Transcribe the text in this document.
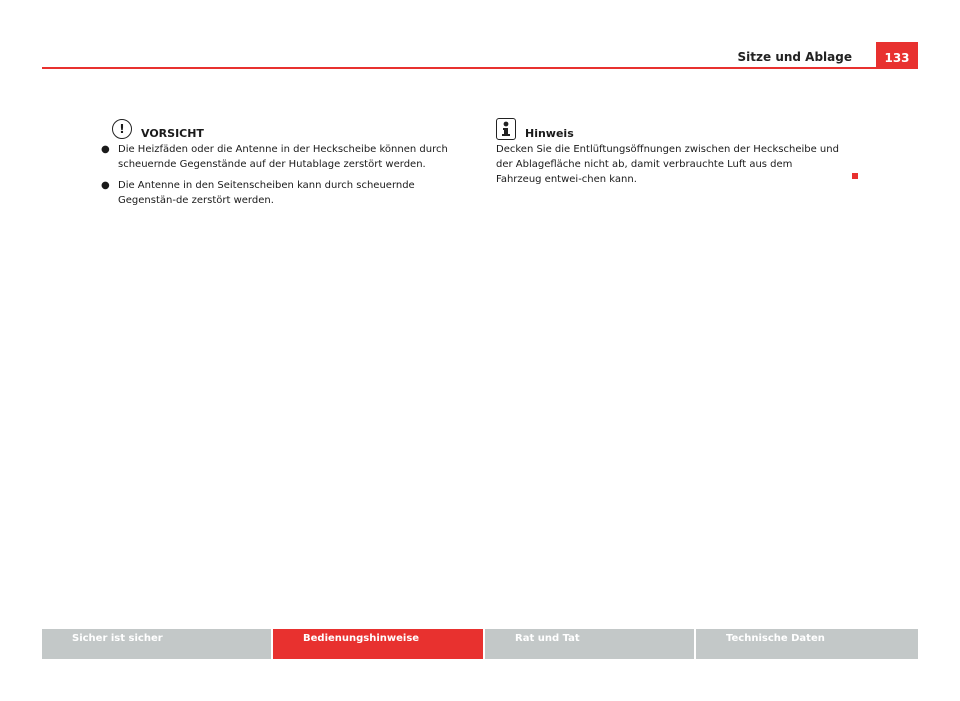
Sitze und Ablage	133
!	VORSICHT
● Die Heizfäden oder die Antenne in der Heckscheibe können durch scheuernde Gegenstände auf der Hutablage zerstört werden.
● Die Antenne in den Seitenscheiben kann durch scheuernde Gegenstän-de zerstört werden.
Hinweis
Decken Sie die Entlüftungsöffnungen zwischen der Heckscheibe und der Ablagefläche nicht ab, damit verbrauchte Luft aus dem Fahrzeug entwei-chen kann.
Sicher ist sicher	Bedienungshinweise	Rat und Tat	Technische Daten
